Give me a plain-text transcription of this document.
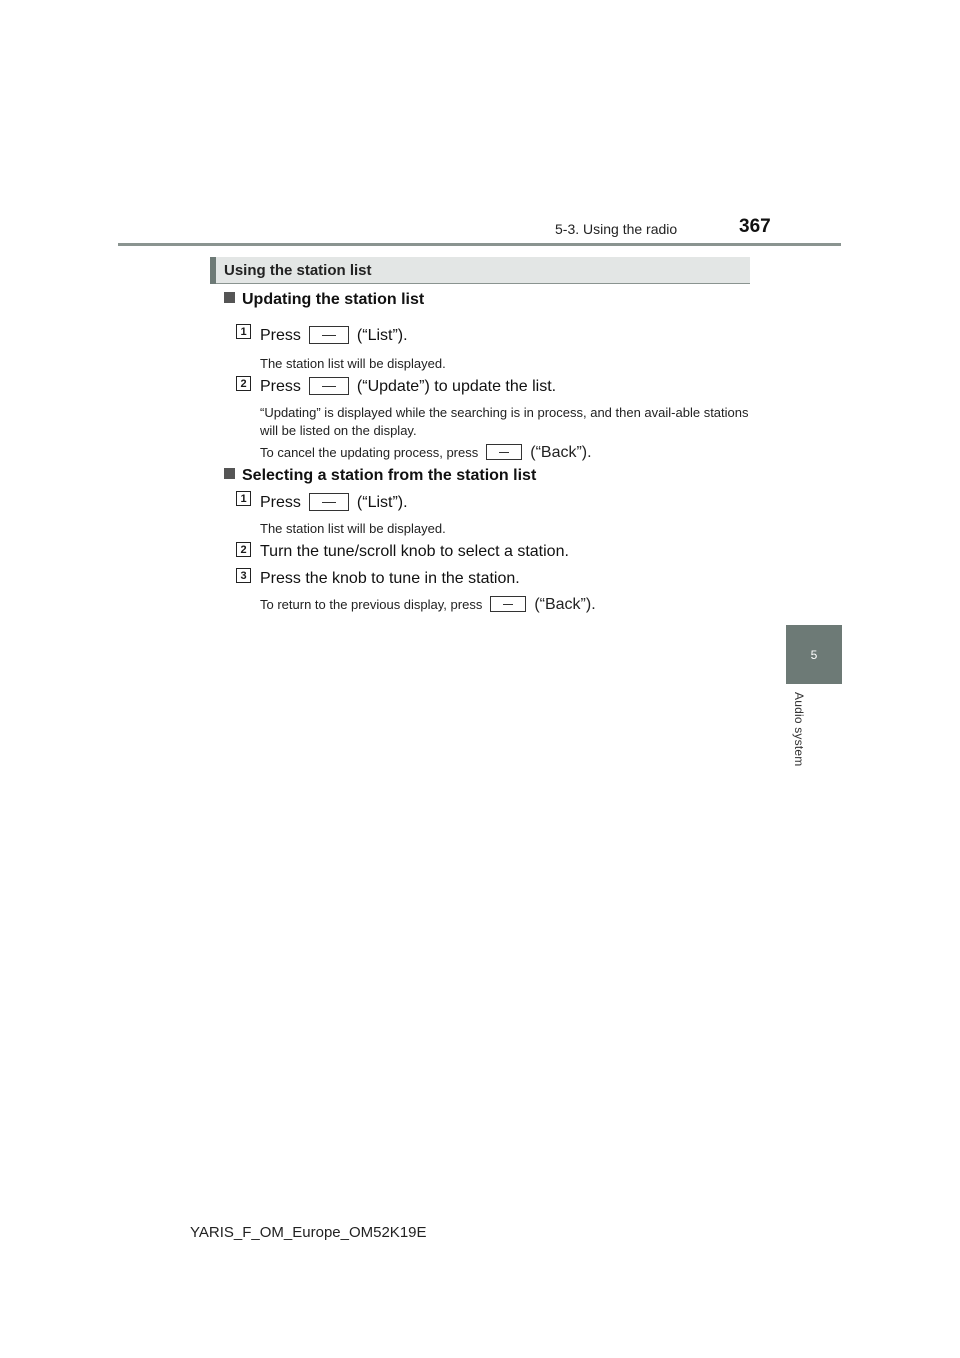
5-3. Using the radio	367
5
Audio system
Using the station list
Updating the station list
1 Press	(“List”).
The station list will be displayed.
2 Press	(“Update”) to update the list.
“Updating” is displayed while the searching is in process, and then avail-able stations will be listed on the display.
To cancel the updating process, press	(“Back”).
Selecting a station from the station list
1 Press	(“List”).
The station list will be displayed.
2 Turn the tune/scroll knob to select a station.
3 Press the knob to tune in the station.
To return to the previous display, press	(“Back”).
YARIS_F_OM_Europe_OM52K19E
